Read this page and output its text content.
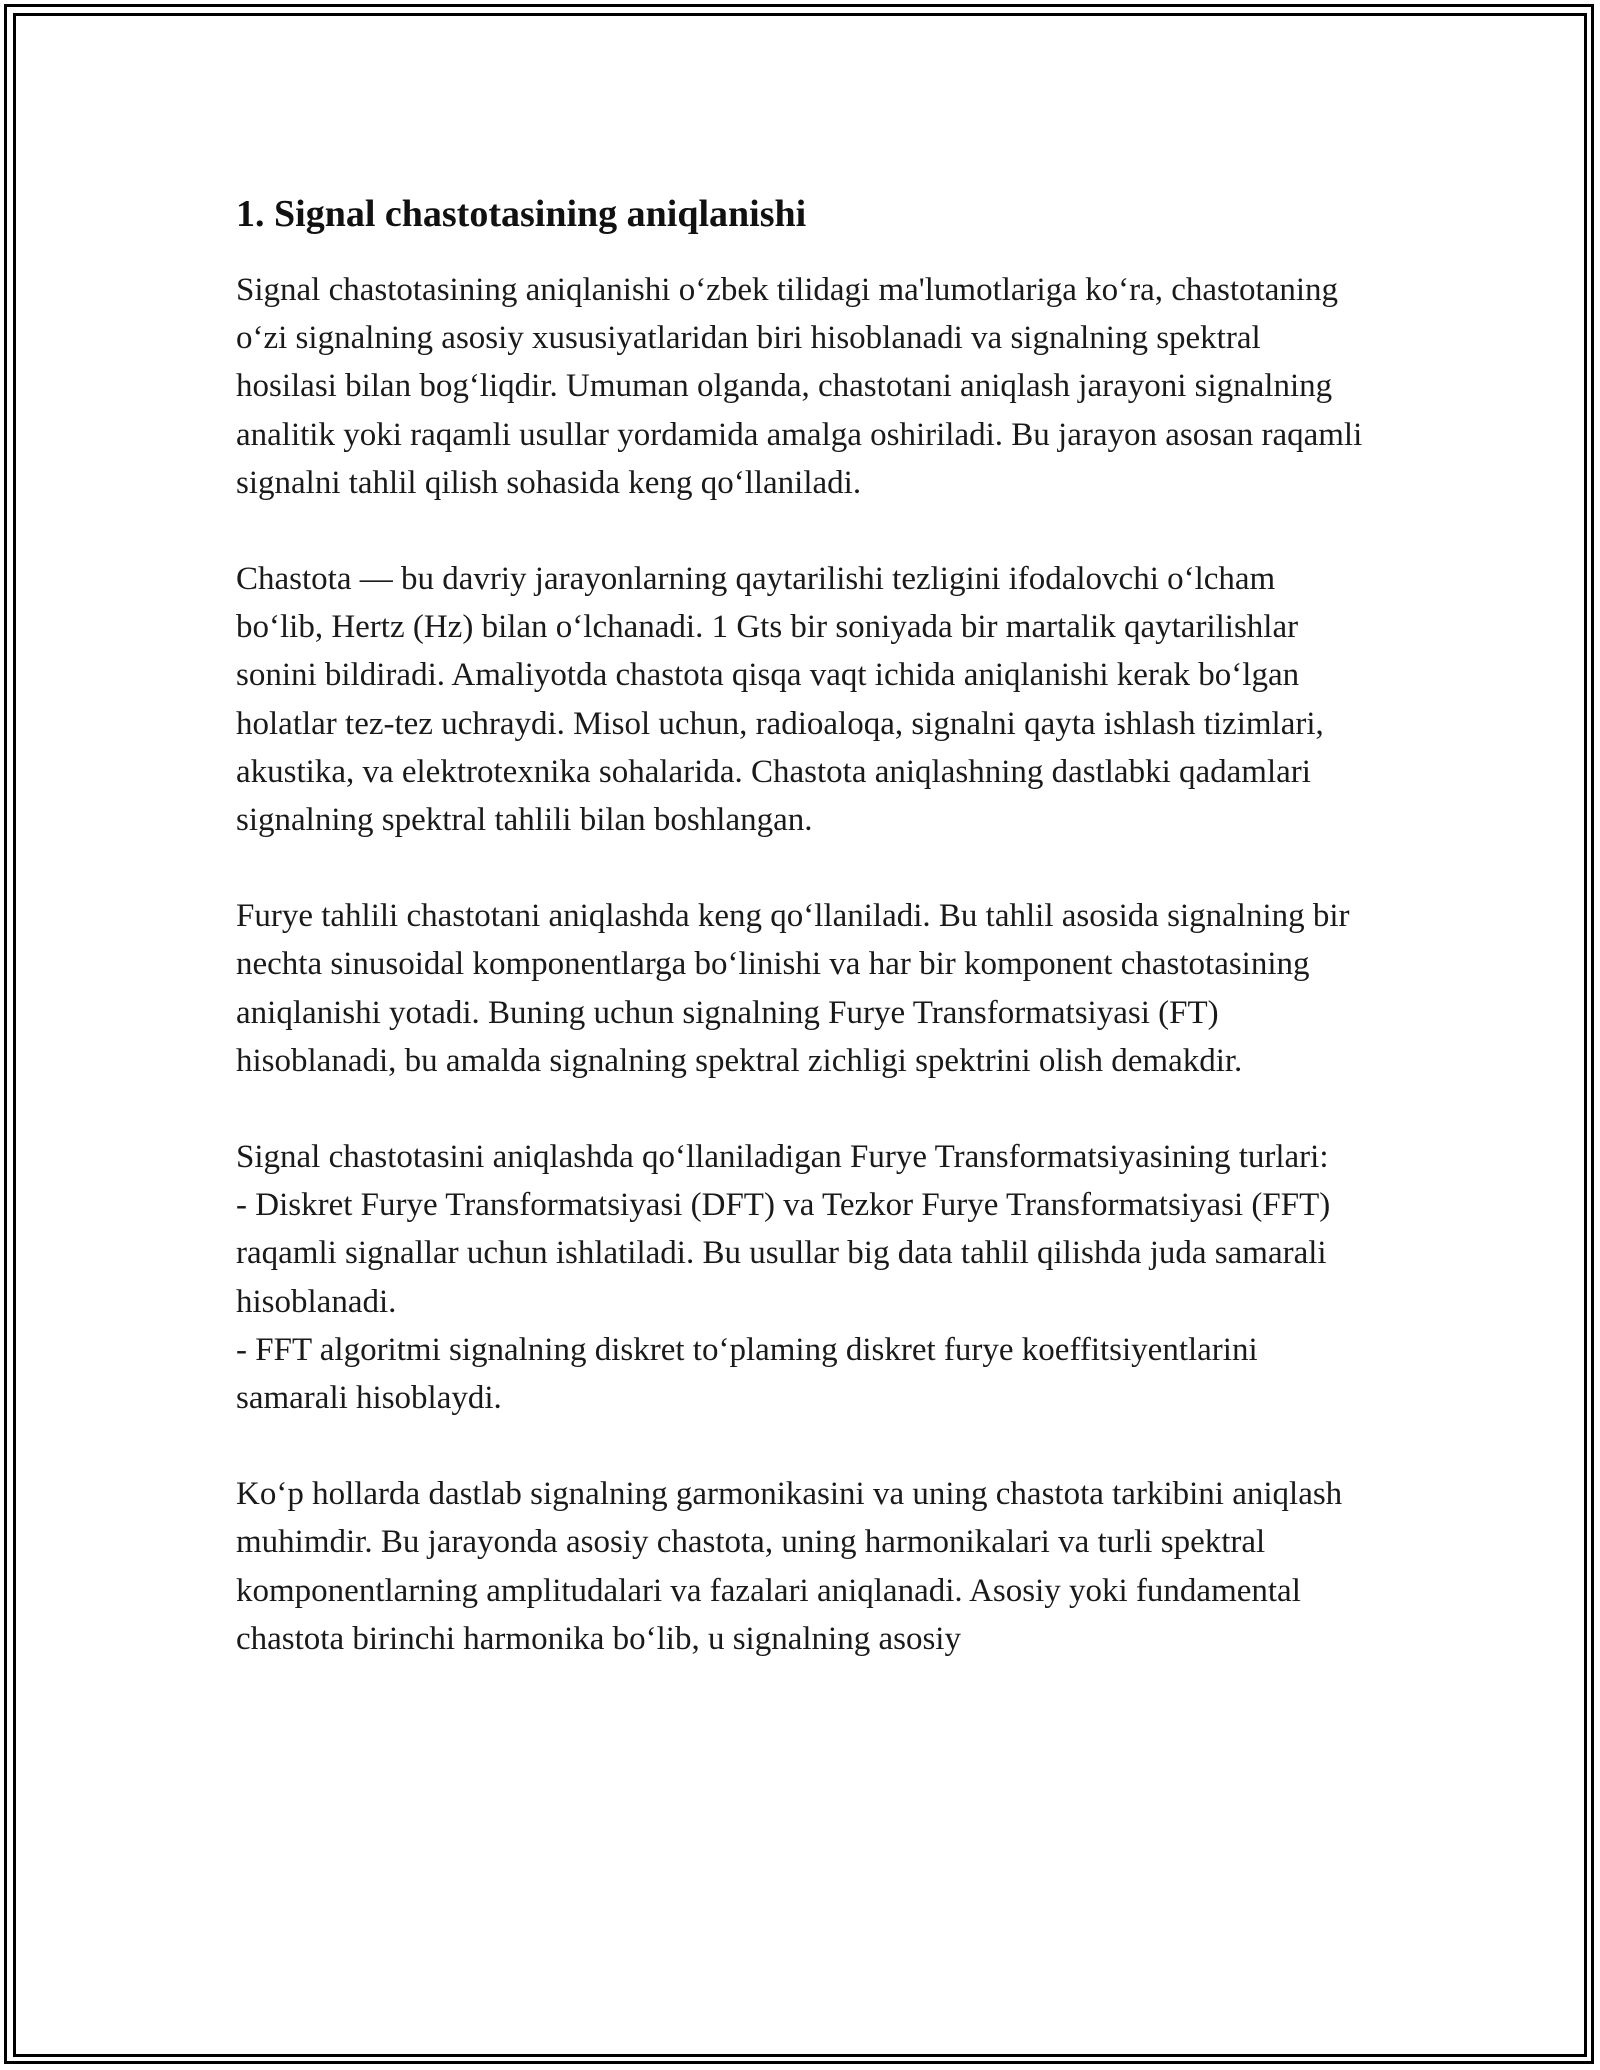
1. Signal chastotasining aniqlanishi

Signal chastotasining aniqlanishi o‘zbek tilidagi ma'lumotlariga ko‘ra, chastotaning o‘zi signalning asosiy xususiyatlaridan biri hisoblanadi va signalning spektral hosilasi bilan bog‘liqdir. Umuman olganda, chastotani aniqlash jarayoni signalning analitik yoki raqamli usullar yordamida amalga oshiriladi. Bu jarayon asosan raqamli signalni tahlil qilish sohasida keng qo‘llaniladi.

Chastota — bu davriy jarayonlarning qaytarilishi tezligini ifodalovchi o‘lcham bo‘lib, Hertz (Hz) bilan o‘lchanadi. 1 Gts bir soniyada bir martalik qaytarilishlar sonini bildiradi. Amaliyotda chastota qisqa vaqt ichida aniqlanishi kerak bo‘lgan holatlar tez-tez uchraydi. Misol uchun, radioaloqa, signalni qayta ishlash tizimlari, akustika, va elektrotexnika sohalarida. Chastota aniqlashning dastlabki qadamlari signalning spektral tahlili bilan boshlangan.

Furye tahlili chastotani aniqlashda keng qo‘llaniladi. Bu tahlil asosida signalning bir nechta sinusoidal komponentlarga bo‘linishi va har bir komponent chastotasining aniqlanishi yotadi. Buning uchun signalning Furye Transformatsiyasi (FT) hisoblanadi, bu amalda signalning spektral zichligi spektrini olish demakdir.

Signal chastotasini aniqlashda qo‘llaniladigan Furye Transformatsiyasining turlari:
- Diskret Furye Transformatsiyasi (DFT) va Tezkor Furye Transformatsiyasi (FFT) raqamli signallar uchun ishlatiladi. Bu usullar big data tahlil qilishda juda samarali hisoblanadi.
- FFT algoritmi signalning diskret to‘plaming diskret furye koeffitsiyentlarini samarali hisoblaydi.

Ko‘p hollarda dastlab signalning garmonikasini va uning chastota tarkibini aniqlash muhimdir. Bu jarayonda asosiy chastota, uning harmonikalari va turli spektral komponentlarning amplitudalari va fazalari aniqlanadi. Asosiy yoki fundamental chastota birinchi harmonika bo‘lib, u signalning asosiy
